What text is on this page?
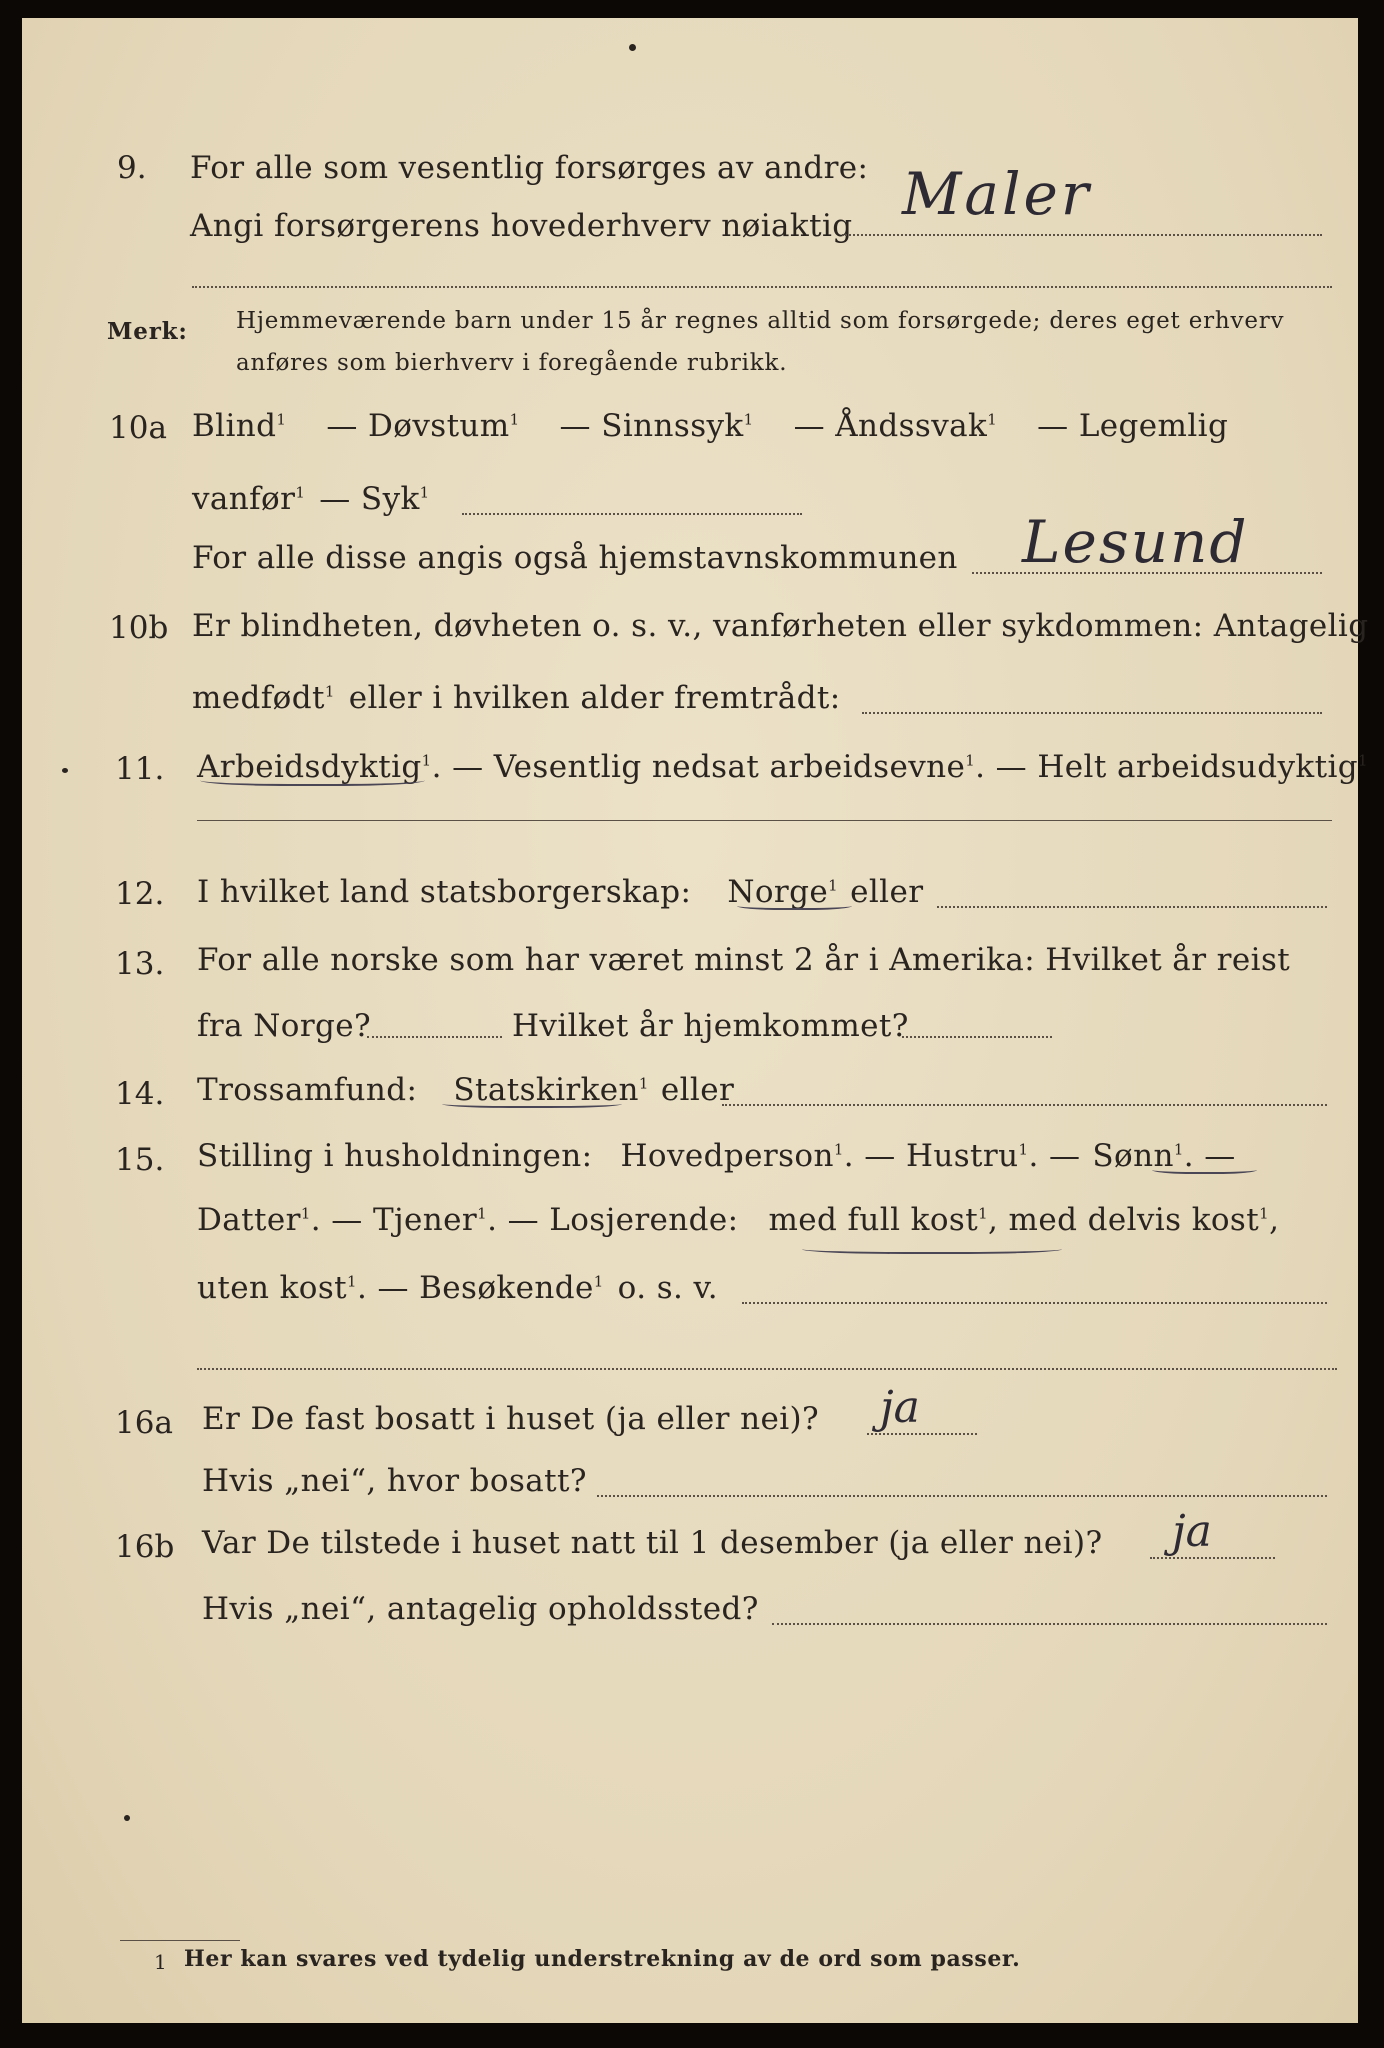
9. For alle som vesentlig forsørges av andre:
Angi forsørgerens hovederhverv nøiaktig Maler
Merk: Hjemmeværende barn under 15 år regnes alltid som forsørgede; deres eget erhverv
anføres som bierhverv i foregående rubrikk.
10a Blind$^1$ — Døvstum$^1$ — Sinnssyk$^1$ — Åndssvak$^1$ — Legemlig
vanfør$^1$ — Syk$^1$
For alle disse angis også hjemstavnskommunen Lesund
10b Er blindheten, døvheten o. s. v., vanførheten eller sykdommen: Antagelig
medfødt$^1$ eller i hvilken alder fremtrådt:
11. Arbeidsdyktig$^1$. — Vesentlig nedsat arbeidsevne$^1$. — Helt arbeidsudyktig$^1$
12. I hvilket land statsborgerskap: Norge$^1$ eller
13. For alle norske som har været minst 2 år i Amerika: Hvilket år reist
fra Norge?	Hvilket år hjemkommet?
14. Trossamfund: Statskirken$^1$ eller
15. Stilling i husholdningen: Hovedperson$^1$. — Hustru$^1$. — Sønn$^1$. —
Datter$^1$. — Tjener$^1$. — Losjerende: med full kost$^1$, med delvis kost$^1$,
uten kost$^1$. — Besøkende$^1$ o. s. v.
16a Er De fast bosatt i huset (ja eller nei)? ja
Hvis „nei“, hvor bosatt?
16b Var De tilstede i huset natt til 1 desember (ja eller nei)? ja
Hvis „nei“, antagelig opholdssted?
1 Her kan svares ved tydelig understrekning av de ord som passer.
